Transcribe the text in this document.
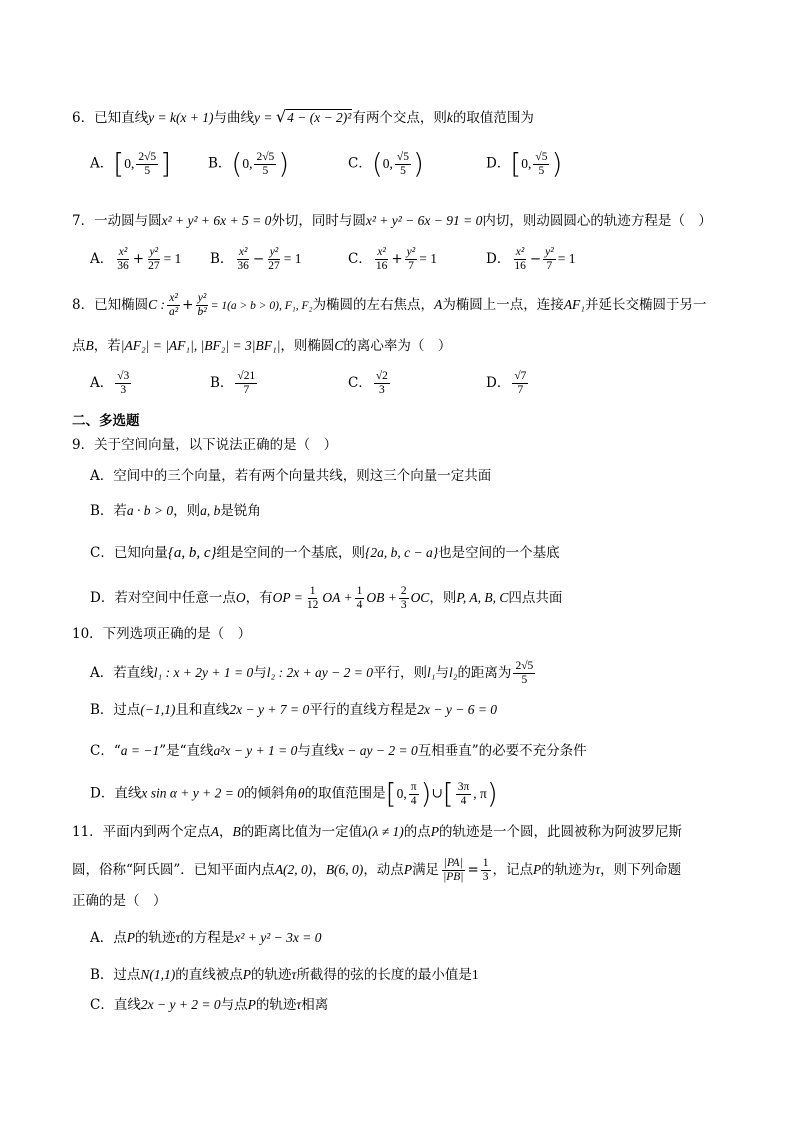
6．已知直线y = k(x + 1)与曲线y = √4 − (x − 2)²有两个交点，则k的取值范围为
A． [ 0, $\frac{2√5}{5}$ ]	B． ( 0, $\frac{2√5}{5}$ )	C． ( 0, $\frac{√5}{5}$ )	D． [ 0, $\frac{√5}{5}$ )
7．一动圆与圆x² + y² + 6x + 5 = 0外切，同时与圆x² + y² − 6x − 91 = 0内切，则动圆圆心的轨迹方程是（　）
A． $\frac{\text{x²}}{36} + \frac{\text{y²}}{27} = 1$ B． $\frac{\text{x²}}{36} - \frac{\text{y²}}{27} = 1$	C． $\frac{\text{x²}}{16} + \frac{\text{y²}}{7} = 1$	D． $\frac{\text{x²}}{16} - \frac{\text{y²}}{7} = 1$
8．已知椭圆C : $\frac{\text{x²}}{\text{a²}} + \frac{\text{y²}}{\text{b²}} = 1(a > b > 0)$, F₁, F₂为椭圆的左右焦点，A为椭圆上一点，连接AF₁并延长交椭圆于另一
点B，若|AF₂| = |AF₁|, |BF₂| = 3|BF₁|，则椭圆C的离心率为（　）
A． $\frac{√3}{3}$	B． $\frac{√21}{7}$	C． $\frac{√2}{3}$	D． $\frac{√7}{7}$
二、多选题
9．关于空间向量，以下说法正确的是（　）
A．空间中的三个向量，若有两个向量共线，则这三个向量一定共面
B．若a · b > 0，则a, b是锐角
C．已知向量{a, b, c}组是空间的一个基底，则{2a, b, c − a}也是空间的一个基底
D．若对空间中任意一点O，有OP = $\frac{1}{12}$ OA + $\frac{1}{4}$ OB + $\frac{2}{3}$ OC，则P, A, B, C四点共面
10．下列选项正确的是（　）
A．若直线l₁ : x + 2y + 1 = 0与l₂ : 2x + ay − 2 = 0平行，则l₁与l₂的距离为 $\frac{2√5}{5}$
B．过点(−1,1)且和直线2x − y + 7 = 0平行的直线方程是2x − y − 6 = 0
C．“a = −1”是“直线a²x − y + 1 = 0与直线x − ay − 2 = 0互相垂直”的必要不充分条件
D．直线x sin α + y + 2 = 0的倾斜角θ的取值范围是 [ 0, $\frac{\pi}{4}$ ) ∪ [ $\frac{3\pi}{4}$ , π )
11．平面内到两个定点A，B的距离比值为一定值λ(λ ≠ 1)的点P的轨迹是一个圆，此圆被称为阿波罗尼斯
圆，俗称“阿氏圆”．已知平面内点A(2, 0)，B(6, 0)，动点P满足 $\frac{|PA|}{|PB|} = \frac{1}{3}$ ，记点P的轨迹为τ，则下列命题
正确的是（　）
A．点P的轨迹τ的方程是x² + y² − 3x = 0
B．过点N(1,1)的直线被点P的轨迹τ所截得的弦的长度的最小值是1
C．直线2x − y + 2 = 0与点P的轨迹τ相离
